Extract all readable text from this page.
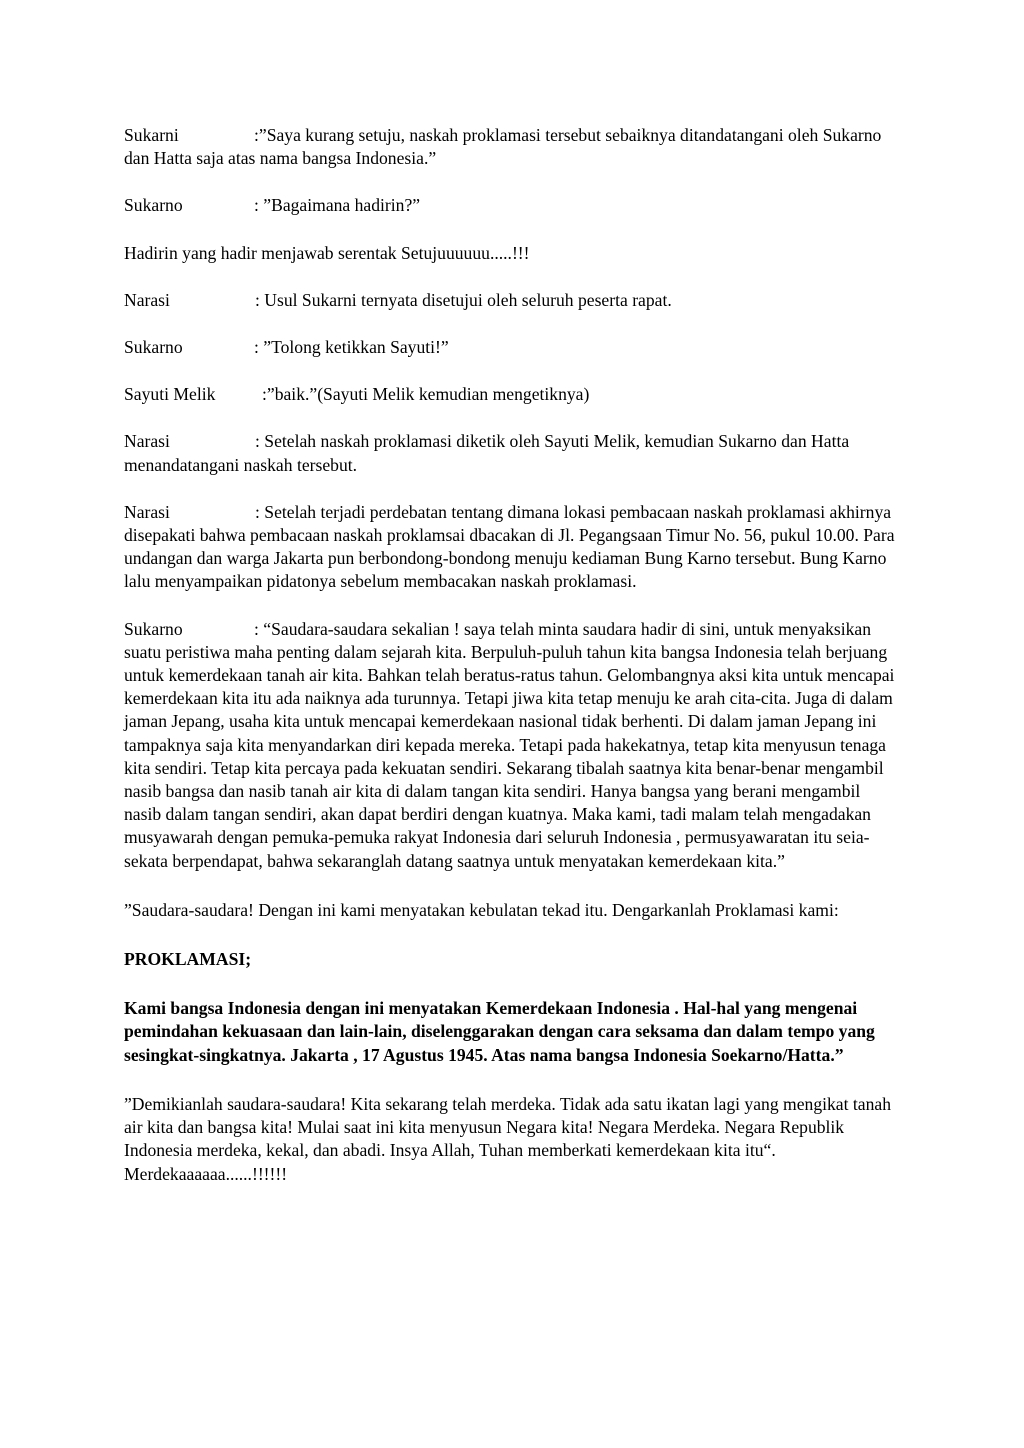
Sukarni	:”Saya kurang setuju, naskah proklamasi tersebut sebaiknya ditandatangani oleh Sukarno dan Hatta saja atas nama bangsa Indonesia.”

Sukarno	: ”Bagaimana hadirin?”

Hadirin yang hadir menjawab serentak Setujuuuuuu.....!!!

Narasi	: Usul Sukarni ternyata disetujui oleh seluruh peserta rapat.

Sukarno	: ”Tolong ketikkan Sayuti!”

Sayuti Melik	:”baik.”(Sayuti Melik kemudian mengetiknya)

Narasi	: Setelah naskah proklamasi diketik oleh Sayuti Melik, kemudian Sukarno dan Hatta menandatangani naskah tersebut.

Narasi	: Setelah terjadi perdebatan tentang dimana lokasi pembacaan naskah proklamasi akhirnya disepakati bahwa pembacaan naskah proklamsai dbacakan di Jl. Pegangsaan Timur No. 56, pukul 10.00. Para undangan dan warga Jakarta pun berbondong-bondong menuju kediaman Bung Karno tersebut. Bung Karno lalu menyampaikan pidatonya sebelum membacakan naskah proklamasi.

Sukarno	: “Saudara-saudara sekalian ! saya telah minta saudara hadir di sini, untuk menyaksikan suatu peristiwa maha penting dalam sejarah kita. Berpuluh-puluh tahun kita bangsa Indonesia telah berjuang untuk kemerdekaan tanah air kita. Bahkan telah beratus-ratus tahun. Gelombangnya aksi kita untuk mencapai kemerdekaan kita itu ada naiknya ada turunnya. Tetapi jiwa kita tetap menuju ke arah cita-cita. Juga di dalam jaman Jepang, usaha kita untuk mencapai kemerdekaan nasional tidak berhenti. Di dalam jaman Jepang ini tampaknya saja kita menyandarkan diri kepada mereka. Tetapi pada hakekatnya, tetap kita menyusun tenaga kita sendiri. Tetap kita percaya pada kekuatan sendiri. Sekarang tibalah saatnya kita benar-benar mengambil nasib bangsa dan nasib tanah air kita di dalam tangan kita sendiri. Hanya bangsa yang berani mengambil nasib dalam tangan sendiri, akan dapat berdiri dengan kuatnya. Maka kami, tadi malam telah mengadakan musyawarah dengan pemuka-pemuka rakyat Indonesia dari seluruh Indonesia , permusyawaratan itu seia-sekata berpendapat, bahwa sekaranglah datang saatnya untuk menyatakan kemerdekaan kita.”

”Saudara-saudara! Dengan ini kami menyatakan kebulatan tekad itu. Dengarkanlah Proklamasi kami:

PROKLAMASI;

Kami bangsa Indonesia dengan ini menyatakan Kemerdekaan Indonesia . Hal-hal yang mengenai pemindahan kekuasaan dan lain-lain, diselenggarakan dengan cara seksama dan dalam tempo yang sesingkat-singkatnya. Jakarta , 17 Agustus 1945. Atas nama bangsa Indonesia Soekarno/Hatta.”

”Demikianlah saudara-saudara! Kita sekarang telah merdeka. Tidak ada satu ikatan lagi yang mengikat tanah air kita dan bangsa kita! Mulai saat ini kita menyusun Negara kita! Negara Merdeka. Negara Republik Indonesia merdeka, kekal, dan abadi. Insya Allah, Tuhan memberkati kemerdekaan kita itu“. Merdekaaaaaa......!!!!!!
